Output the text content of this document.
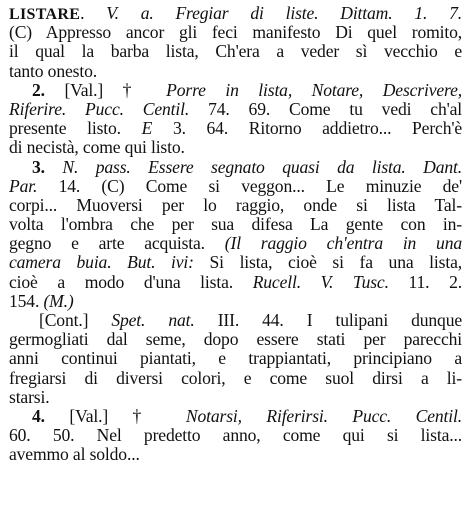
LISTARE. V. a. Fregiar di liste. Dittam. 1. 7.
(C) Appresso ancor gli feci manifesto Di quel romito,
il qual la barba lista, Ch'era a veder sì vecchio e
tanto onesto.
2. [Val.] † Porre in lista, Notare, Descrivere,
Riferire. Pucc. Centil. 74. 69. Come tu vedi ch'al
presente listo. E 3. 64. Ritorno addietro... Perch'è
di necistà, come qui listo.
3. N. pass. Essere segnato quasi da lista. Dant.
Par. 14. (C) Come si veggon... Le minuzie de'
corpi... Muoversi per lo raggio, onde si lista Tal-
volta l'ombra che per sua difesa La gente con in-
gegno e arte acquista. (Il raggio ch'entra in una
camera buia. But. ivi: Si lista, cioè si fa una lista,
cioè a modo d'una lista. Rucell. V. Tusc. 11. 2.
154. (M.)
[Cont.] Spet. nat. III. 44. I tulipani dunque
germogliati dal seme, dopo essere stati per parecchi
anni continui piantati, e trappiantati, principiano a
fregiarsi di diversi colori, e come suol dirsi a li-
starsi.
4. [Val.] † Notarsi, Riferirsi. Pucc. Centil.
60. 50. Nel predetto anno, come qui si lista...
avemmo al soldo...
